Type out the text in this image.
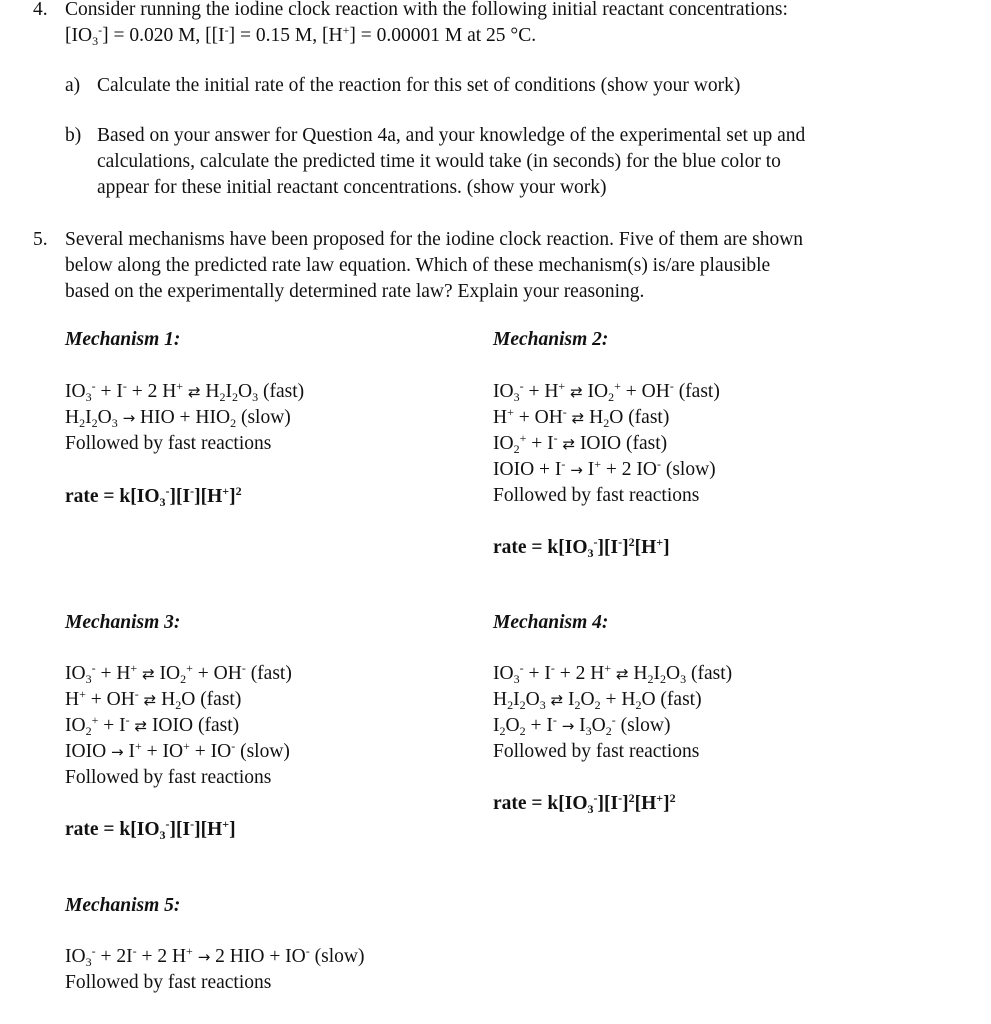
4. Consider running the iodine clock reaction with the following initial reactant concentrations:

$[IO_3^-] = 0.020$ M, [[I-] = 0.15 M, [H+] = 0.00001 M at 25 °C.

a) Calculate the initial rate of the reaction for this set of conditions (show your work)

b) Based on your answer for Question 4a, and your knowledge of the experimental set up and

calculations, calculate the predicted time it would take (in seconds) for the blue color to

appear for these initial reactant concentrations. (show your work)

5. Several mechanisms have been proposed for the iodine clock reaction. Five of them are shown

below along the predicted rate law equation. Which of these mechanism(s) is/are plausible

based on the experimentally determined rate law? Explain your reasoning.

Mechanism 1:

$IO_3^- + I^- + 2$ H+ ⇄ $H_2I_2O_3$ (fast)

$H_2I_2O_3$ → HIO + $HIO_2$ (slow)

Followed by fast reactions

rate = $k[IO_3^-][I^-][H^+]^2$
Mechanism 2:

$IO_3^- + H^+$ ⇄ $IO_2^+ + OH^-$ (fast)

H+ + OH- ⇄ $H_2O$ (fast)

$IO_2^+ + I^-$ ⇄ IOIO (fast)

IOIO + I- → I+ + 2 IO- (slow)

Followed by fast reactions

rate = $k[IO_3^-][I^-]^2[H^+]$
Mechanism 3:

$IO_3^- + H^+$ ⇄ $IO_2^+ + OH^-$ (fast)

H+ + OH- ⇄ $H_2O$ (fast)

$IO_2^+ + I^-$ ⇄ IOIO (fast)

IOIO → I+ + IO+ + IO- (slow)

Followed by fast reactions

rate = $k[IO_3^-][I^-][H^+]$
Mechanism 4:

$IO_3^- + I^- + 2$ H+ ⇄ $H_2I_2O_3$ (fast)

$H_2I_2O_3$ ⇄ $I_2O_2 + H_2O$ (fast)

$I_2O_2 + I^- \to I_3O_2^-$ (slow)

Followed by fast reactions

rate = $k[IO_3^-][I^-]^2[H^+]^2$
Mechanism 5:

$IO_3^- + 2I^- + 2$ H+ → 2 HIO + IO- (slow)

Followed by fast reactions
